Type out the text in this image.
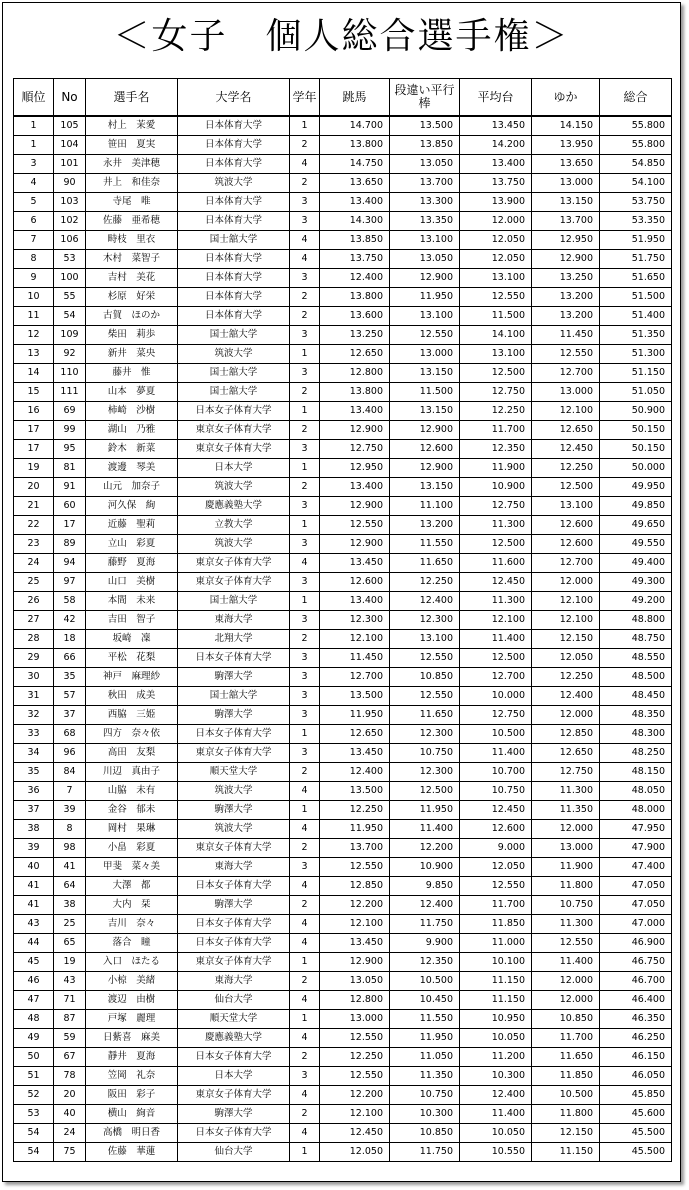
＜女子　個人総合選手権＞
順位	No	選手名	大学名	学年	跳馬	段違い平行棒	平均台	ゆか	総合
1	105	村上　茉愛	日本体育大学	1	14.700	13.500	13.450	14.150	55.800
1	104	笹田　夏実	日本体育大学	2	13.800	13.850	14.200	13.950	55.800
3	101	永井　美津穂	日本体育大学	4	14.750	13.050	13.400	13.650	54.850
4	90	井上　和佳奈	筑波大学	2	13.650	13.700	13.750	13.000	54.100
5	103	寺尾　唯	日本体育大学	3	13.400	13.300	13.900	13.150	53.750
6	102	佐藤　亜希穂	日本体育大学	3	14.300	13.350	12.000	13.700	53.350
7	106	畤枝　里衣	国士舘大学	4	13.850	13.100	12.050	12.950	51.950
8	53	木村　菜智子	日本体育大学	4	13.750	13.050	12.050	12.900	51.750
9	100	吉村　美花	日本体育大学	3	12.400	12.900	13.100	13.250	51.650
10	55	杉原　好栄	日本体育大学	2	13.800	11.950	12.550	13.200	51.500
11	54	古賀　ほのか	日本体育大学	2	13.600	13.100	11.500	13.200	51.400
12	109	柴田　莉歩	国士舘大学	3	13.250	12.550	14.100	11.450	51.350
13	92	新井　菜央	筑波大学	1	12.650	13.000	13.100	12.550	51.300
14	110	藤井　惟	国士舘大学	3	12.800	13.150	12.500	12.700	51.150
15	111	山本　夢夏	国士舘大学	2	13.800	11.500	12.750	13.000	51.050
16	69	柿崎　沙樹	日本女子体育大学	1	13.400	13.150	12.250	12.100	50.900
17	99	湖山　乃雅	東京女子体育大学	2	12.900	12.900	11.700	12.650	50.150
17	95	鈴木　新菜	東京女子体育大学	3	12.750	12.600	12.350	12.450	50.150
19	81	渡邊　琴美	日本大学	1	12.950	12.900	11.900	12.250	50.000
20	91	山元　加奈子	筑波大学	2	13.400	13.150	10.900	12.500	49.950
21	60	河久保　絢	慶應義塾大学	3	12.900	11.100	12.750	13.100	49.850
22	17	近藤　聖莉	立教大学	1	12.550	13.200	11.300	12.600	49.650
23	89	立山　彩夏	筑波大学	3	12.900	11.550	12.500	12.600	49.550
24	94	藤野　夏海	東京女子体育大学	4	13.450	11.650	11.600	12.700	49.400
25	97	山口　美樹	東京女子体育大学	3	12.600	12.250	12.450	12.000	49.300
26	58	本間　未来	国士舘大学	1	13.400	12.400	11.300	12.100	49.200
27	42	吉田　智子	東海大学	3	12.300	12.300	12.100	12.100	48.800
28	18	坂崎　凜	北翔大学	2	12.100	13.100	11.400	12.150	48.750
29	66	平松　花梨	日本女子体育大学	3	11.450	12.550	12.500	12.050	48.550
30	35	神戸　麻理紗	駒澤大学	3	12.700	10.850	12.700	12.250	48.500
31	57	秋田　成美	国士舘大学	3	13.500	12.550	10.000	12.400	48.450
32	37	西脇　三姫	駒澤大学	3	11.950	11.650	12.750	12.000	48.350
33	68	四方　奈々依	日本女子体育大学	1	12.650	12.300	10.500	12.850	48.300
34	96	高田　友梨	東京女子体育大学	3	13.450	10.750	11.400	12.650	48.250
35	84	川辺　真由子	順天堂大学	2	12.400	12.300	10.700	12.750	48.150
36	7	山脇　未有	筑波大学	4	13.500	12.500	10.750	11.300	48.050
37	39	金谷　郁未	駒澤大学	1	12.250	11.950	12.450	11.350	48.000
38	8	岡村　果琳	筑波大学	4	11.950	11.400	12.600	12.000	47.950
39	98	小畠　彩夏	東京女子体育大学	2	13.700	12.200	9.000	13.000	47.900
40	41	甲斐　菜々美	東海大学	3	12.550	10.900	12.050	11.900	47.400
41	64	大澤　都	日本女子体育大学	4	12.850	9.850	12.550	11.800	47.050
41	38	大内　栞	駒澤大学	2	12.200	12.400	11.700	10.750	47.050
43	25	吉川　奈々	日本女子体育大学	4	12.100	11.750	11.850	11.300	47.000
44	65	落合　瞳	日本女子体育大学	4	13.450	9.900	11.000	12.550	46.900
45	19	入口　ほたる	東京女子体育大学	1	12.900	12.350	10.100	11.400	46.750
46	43	小椋　美緒	東海大学	2	13.050	10.500	11.150	12.000	46.700
47	71	渡辺　由樹	仙台大学	4	12.800	10.450	11.150	12.000	46.400
48	87	戸塚　麗理	順天堂大学	1	13.000	11.550	10.950	10.850	46.350
49	59	日紫喜　麻美	慶應義塾大学	4	12.550	11.950	10.050	11.700	46.250
50	67	靜井　夏海	日本女子体育大学	2	12.250	11.050	11.200	11.650	46.150
51	78	笠岡　礼奈	日本大学	3	12.550	11.350	10.300	11.850	46.050
52	20	阪田　彩子	東京女子体育大学	4	12.200	10.750	12.400	10.500	45.850
53	40	横山　絢音	駒澤大学	2	12.100	10.300	11.400	11.800	45.600
54	24	高橋　明日香	日本女子体育大学	4	12.450	10.850	10.050	12.150	45.500
54	75	佐藤　華蓮	仙台大学	1	12.050	11.750	10.550	11.150	45.500
